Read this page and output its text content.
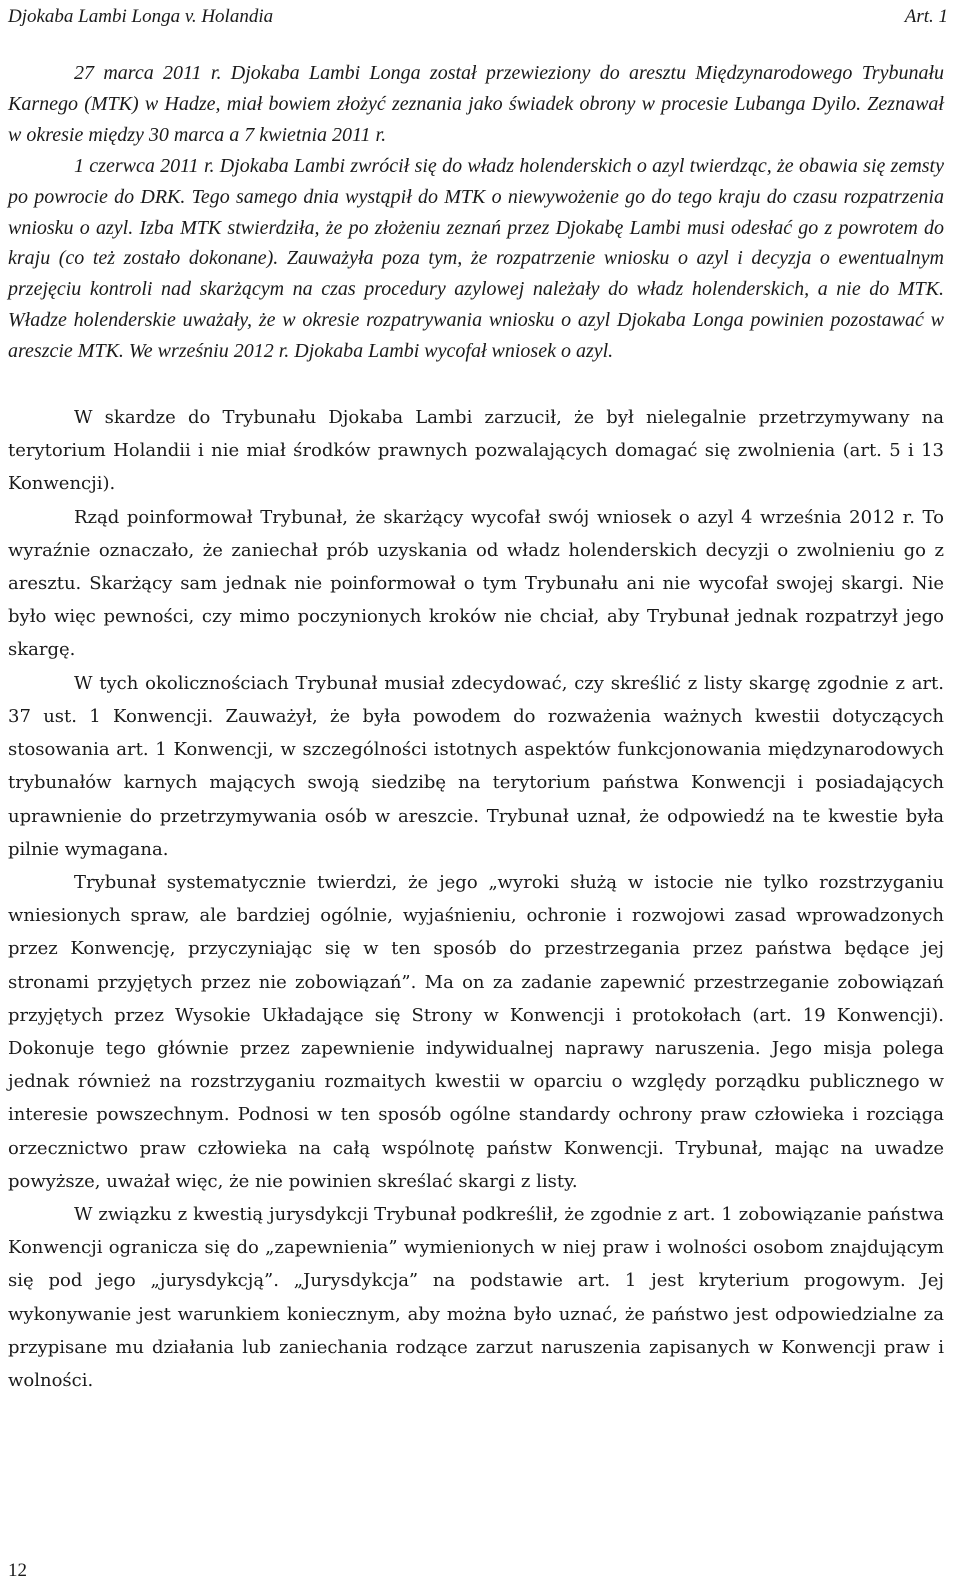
Djokaba Lambi Longa v. Holandia	Art. 1

27 marca 2011 r. Djokaba Lambi Longa został przewieziony do aresztu Międzynarodowego Trybunału Karnego (MTK) w Hadze, miał bowiem złożyć zeznania jako świadek obrony w procesie Lubanga Dyilo. Zeznawał w okresie między 30 marca a 7 kwietnia 2011 r.

1 czerwca 2011 r. Djokaba Lambi zwrócił się do władz holenderskich o azyl twierdząc, że obawia się zemsty po powrocie do DRK. Tego samego dnia wystąpił do MTK o niewywożenie go do tego kraju do czasu rozpatrzenia wniosku o azyl. Izba MTK stwierdziła, że po złożeniu zeznań przez Djokabę Lambi musi odesłać go z powrotem do kraju (co też zostało dokonane). Zauważyła poza tym, że rozpatrzenie wniosku o azyl i decyzja o ewentualnym przejęciu kontroli nad skarżącym na czas procedury azylowej należały do władz holenderskich, a nie do MTK. Władze holenderskie uważały, że w okresie rozpatrywania wniosku o azyl Djokaba Longa powinien pozostawać w areszcie MTK. We wrześniu 2012 r. Djokaba Lambi wycofał wniosek o azyl.

W skardze do Trybunału Djokaba Lambi zarzucił, że był nielegalnie przetrzymywany na terytorium Holandii i nie miał środków prawnych pozwalających domagać się zwolnienia (art. 5 i 13 Konwencji).

Rząd poinformował Trybunał, że skarżący wycofał swój wniosek o azyl 4 września 2012 r. To wyraźnie oznaczało, że zaniechał prób uzyskania od władz holenderskich decyzji o zwolnieniu go z aresztu. Skarżący sam jednak nie poinformował o tym Trybunału ani nie wycofał swojej skargi. Nie było więc pewności, czy mimo poczynionych kroków nie chciał, aby Trybunał jednak rozpatrzył jego skargę.

W tych okolicznościach Trybunał musiał zdecydować, czy skreślić z listy skargę zgodnie z art. 37 ust. 1 Konwencji. Zauważył, że była powodem do rozważenia ważnych kwestii dotyczących stosowania art. 1 Konwencji, w szczególności istotnych aspektów funkcjonowania międzynarodowych trybunałów karnych mających swoją siedzibę na terytorium państwa Konwencji i posiadających uprawnienie do przetrzymywania osób w areszcie. Trybunał uznał, że odpowiedź na te kwestie była pilnie wymagana.

Trybunał systematycznie twierdzi, że jego „wyroki służą w istocie nie tylko rozstrzyganiu wniesionych spraw, ale bardziej ogólnie, wyjaśnieniu, ochronie i rozwojowi zasad wprowadzonych przez Konwencję, przyczyniając się w ten sposób do przestrzegania przez państwa będące jej stronami przyjętych przez nie zobowiązań”. Ma on za zadanie zapewnić przestrzeganie zobowiązań przyjętych przez Wysokie Układające się Strony w Konwencji i protokołach (art. 19 Konwencji). Dokonuje tego głównie przez zapewnienie indywidualnej naprawy naruszenia. Jego misja polega jednak również na rozstrzyganiu rozmaitych kwestii w oparciu o względy porządku publicznego w interesie powszechnym. Podnosi w ten sposób ogólne standardy ochrony praw człowieka i rozciąga orzecznictwo praw człowieka na całą wspólnotę państw Konwencji. Trybunał, mając na uwadze powyższe, uważał więc, że nie powinien skreślać skargi z listy.

W związku z kwestią jurysdykcji Trybunał podkreślił, że zgodnie z art. 1 zobowiązanie państwa Konwencji ogranicza się do „zapewnienia” wymienionych w niej praw i wolności osobom znajdującym się pod jego „jurysdykcją”. „Jurysdykcja” na podstawie art. 1 jest kryterium progowym. Jej wykonywanie jest warunkiem koniecznym, aby można było uznać, że państwo jest odpowiedzialne za przypisane mu działania lub zaniechania rodzące zarzut naruszenia zapisanych w Konwencji praw i wolności.

12
